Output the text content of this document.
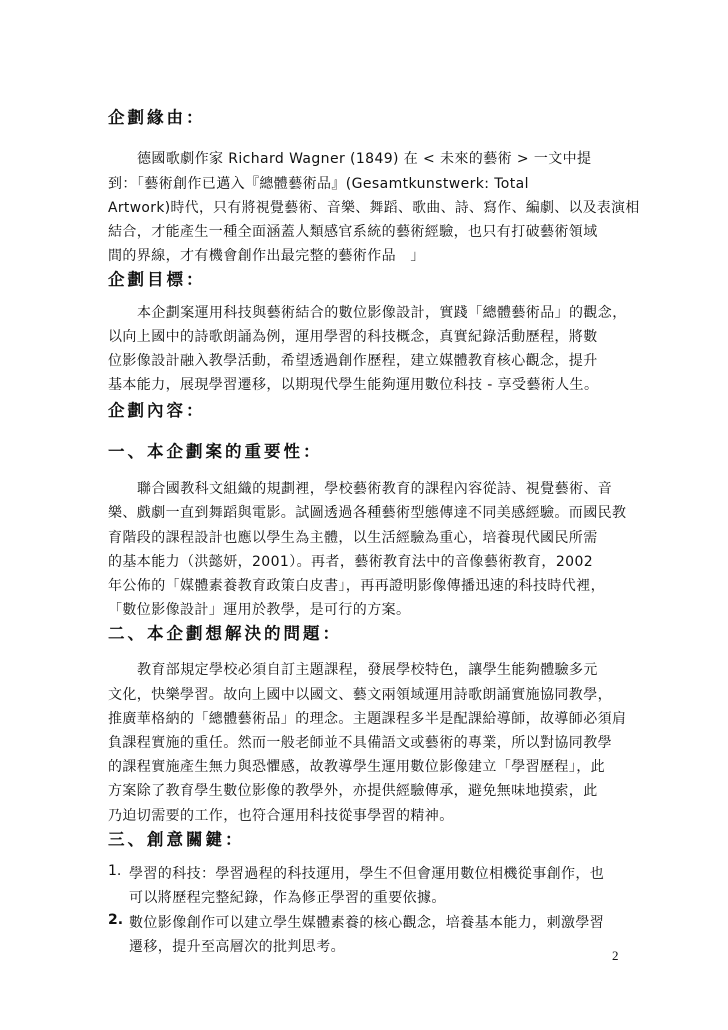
企劃緣由：
德國歌劇作家 Richard Wagner (1849) 在 < 未來的藝術 > 一文中提
到：「藝術創作已邁入『總體藝術品』(Gesamtkunstwerk: Total
Artwork)時代，只有將視覺藝術、音樂、舞蹈、歌曲、詩、寫作、編劇、以及表演相
結合，才能產生一種全面涵蓋人類感官系統的藝術經驗，也只有打破藝術領域
間的界線，才有機會創作出最完整的藝術作品　」
企劃目標：
本企劃案運用科技與藝術結合的數位影像設計，實踐「總體藝術品」的觀念，
以向上國中的詩歌朗誦為例，運用學習的科技概念，真實紀錄活動歷程，將數
位影像設計融入教學活動，希望透過創作歷程，建立媒體教育核心觀念，提升
基本能力，展現學習遷移，以期現代學生能夠運用數位科技 - 享受藝術人生。
企劃內容：
一、本企劃案的重要性：
聯合國教科文組織的規劃裡，學校藝術教育的課程內容從詩、視覺藝術、音
樂、戲劇一直到舞蹈與電影。試圖透過各種藝術型態傳達不同美感經驗。而國民教
育階段的課程設計也應以學生為主體，以生活經驗為重心，培養現代國民所需
的基本能力（洪懿妍，2001）。再者，藝術教育法中的音像藝術教育，2002
年公佈的「媒體素養教育政策白皮書」，再再證明影像傳播迅速的科技時代裡，
「數位影像設計」運用於教學，是可行的方案。
二、本企劃想解決的問題：
教育部規定學校必須自訂主題課程，發展學校特色，讓學生能夠體驗多元
文化，快樂學習。故向上國中以國文、藝文兩領域運用詩歌朗誦實施協同教學，
推廣華格納的「總體藝術品」的理念。主題課程多半是配課給導師，故導師必須肩
負課程實施的重任。然而一般老師並不具備語文或藝術的專業，所以對協同教學
的課程實施產生無力與恐懼感，故教導學生運用數位影像建立「學習歷程」，此
方案除了教育學生數位影像的教學外，亦提供經驗傳承，避免無味地摸索，此
乃迫切需要的工作，也符合運用科技從事學習的精神。
三、創意關鍵：
1. 學習的科技：學習過程的科技運用，學生不但會運用數位相機從事創作，也
可以將歷程完整紀錄，作為修正學習的重要依據。
2. 數位影像創作可以建立學生媒體素養的核心觀念，培養基本能力，刺激學習
遷移，提升至高層次的批判思考。
2
